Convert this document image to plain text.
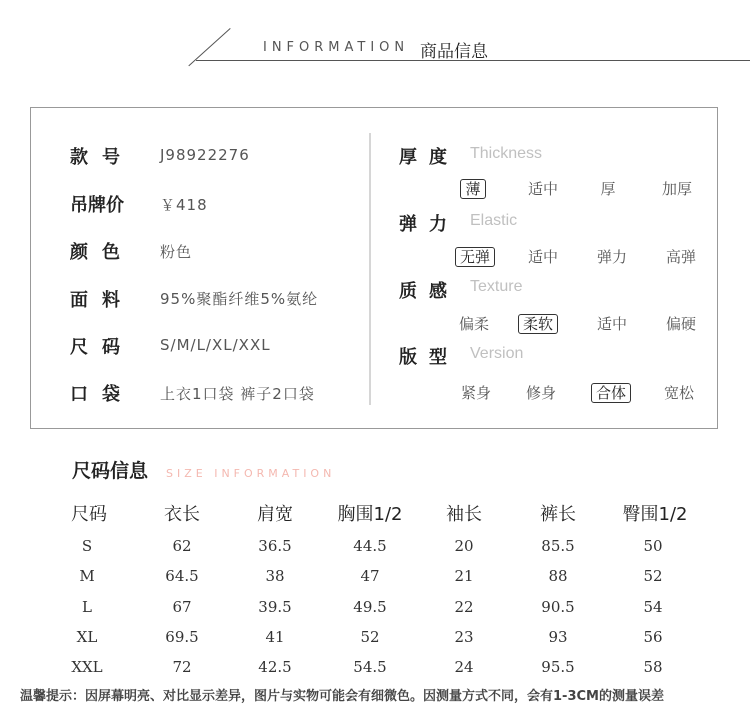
INFORMATION 商品信息
款号 J98922276
吊牌价 ￥418
颜色 粉色
面料 95%聚酯纤维5%氨纶
尺码 S/M/L/XL/XXL
口袋 上衣1口袋 裤子2口袋
厚度 Thickness
薄	适中	厚	加厚
弹力 Elastic
无弹	适中	弹力	高弹
质感 Texture
偏柔	柔软	适中	偏硬
版型 Version
紧身	修身	合体	宽松
尺码信息 SIZE INFORMATION
尺码	衣长	肩宽	胸围1/2	袖长	裤长	臀围1/2
S	62	36.5	44.5	20	85.5	50
M	64.5	38	47	21	88	52
L	67	39.5	49.5	22	90.5	54
XL	69.5	41	52	23	93	56
XXL	72	42.5	54.5	24	95.5	58
温馨提示：因屏幕明亮、对比显示差异，图片与实物可能会有细微色。因测量方式不同，会有1-3CM的测量误差
